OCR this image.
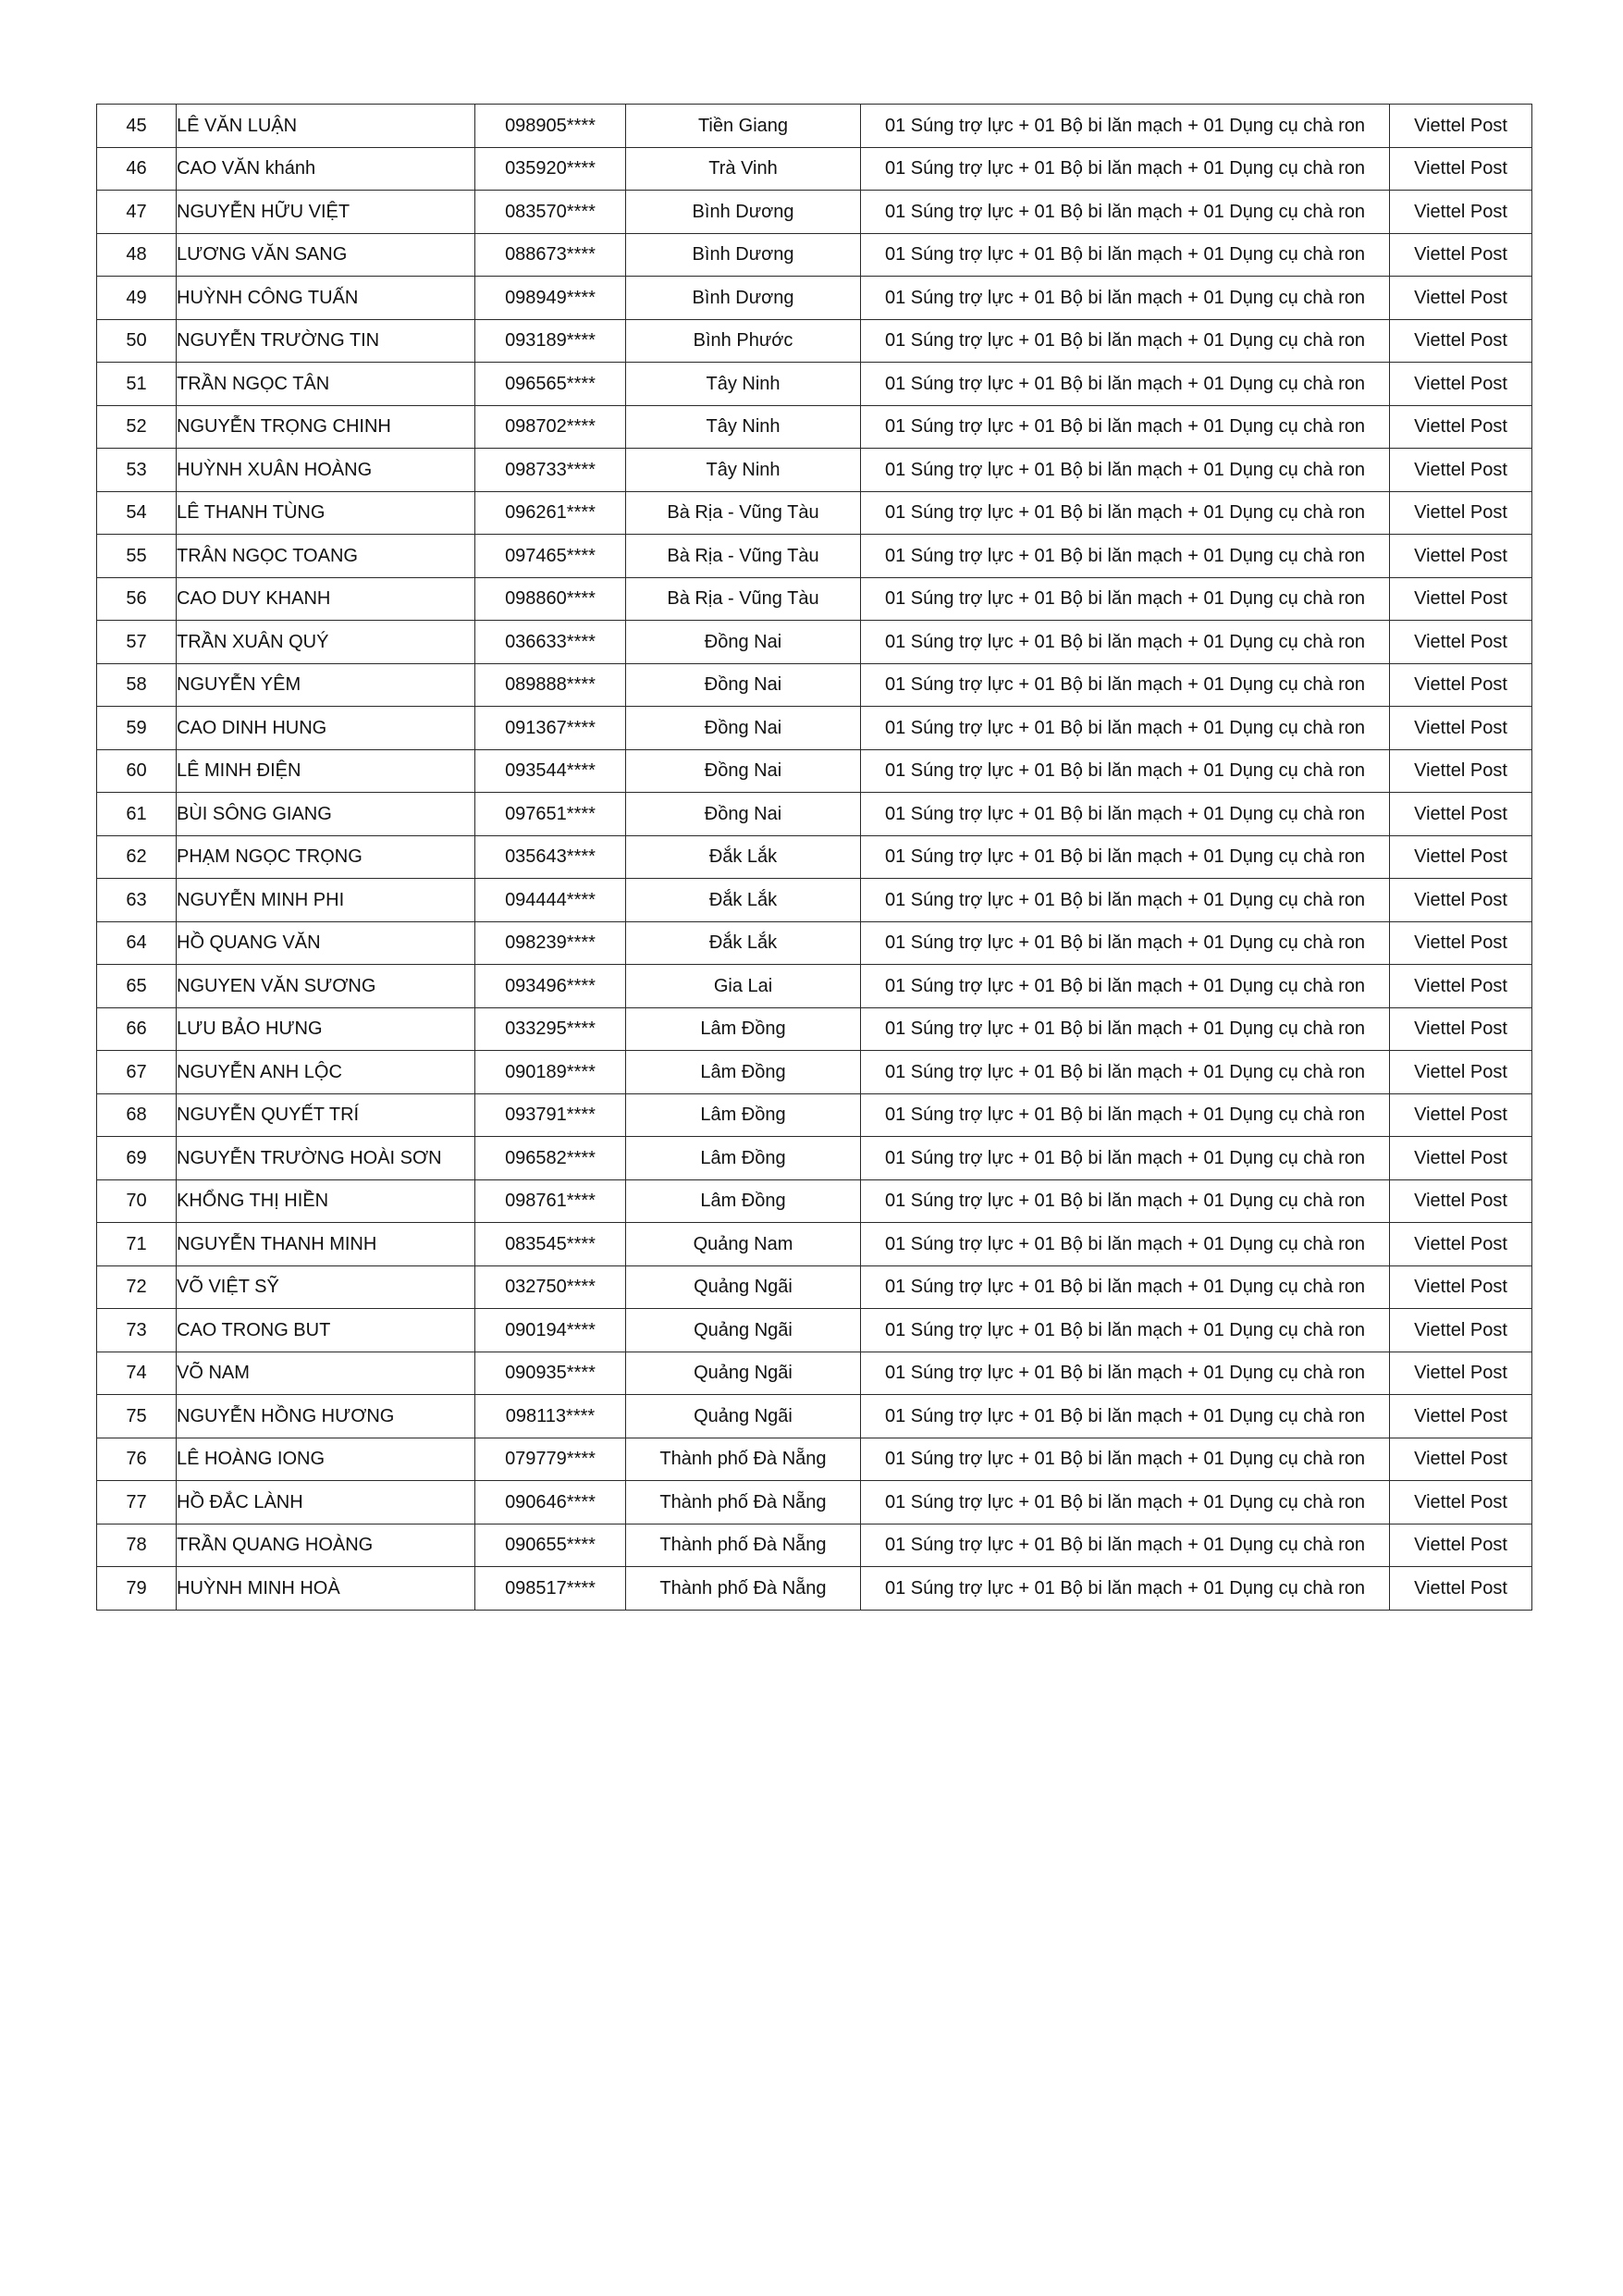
45	LÊ VĂN LUẬN	098905****	Tiền Giang	01 Súng trợ lực + 01 Bộ bi lăn mạch + 01 Dụng cụ chà ron	Viettel Post
46	CAO VĂN khánh	035920****	Trà Vinh	01 Súng trợ lực + 01 Bộ bi lăn mạch + 01 Dụng cụ chà ron	Viettel Post
47	NGUYỄN HỮU VIỆT	083570****	Bình Dương	01 Súng trợ lực + 01 Bộ bi lăn mạch + 01 Dụng cụ chà ron	Viettel Post
48	LƯƠNG VĂN SANG	088673****	Bình Dương	01 Súng trợ lực + 01 Bộ bi lăn mạch + 01 Dụng cụ chà ron	Viettel Post
49	HUỲNH CÔNG TUẤN	098949****	Bình Dương	01 Súng trợ lực + 01 Bộ bi lăn mạch + 01 Dụng cụ chà ron	Viettel Post
50	NGUYỄN TRƯỜNG TIN	093189****	Bình Phước	01 Súng trợ lực + 01 Bộ bi lăn mạch + 01 Dụng cụ chà ron	Viettel Post
51	TRẦN NGỌC TÂN	096565****	Tây Ninh	01 Súng trợ lực + 01 Bộ bi lăn mạch + 01 Dụng cụ chà ron	Viettel Post
52	NGUYỄN TRỌNG CHINH	098702****	Tây Ninh	01 Súng trợ lực + 01 Bộ bi lăn mạch + 01 Dụng cụ chà ron	Viettel Post
53	HUỲNH XUÂN HOÀNG	098733****	Tây Ninh	01 Súng trợ lực + 01 Bộ bi lăn mạch + 01 Dụng cụ chà ron	Viettel Post
54	LÊ THANH TÙNG	096261****	Bà Rịa - Vũng Tàu	01 Súng trợ lực + 01 Bộ bi lăn mạch + 01 Dụng cụ chà ron	Viettel Post
55	TRÂN NGỌC TOANG	097465****	Bà Rịa - Vũng Tàu	01 Súng trợ lực + 01 Bộ bi lăn mạch + 01 Dụng cụ chà ron	Viettel Post
56	CAO DUY KHANH	098860****	Bà Rịa - Vũng Tàu	01 Súng trợ lực + 01 Bộ bi lăn mạch + 01 Dụng cụ chà ron	Viettel Post
57	TRẦN XUÂN QUÝ	036633****	Đồng Nai	01 Súng trợ lực + 01 Bộ bi lăn mạch + 01 Dụng cụ chà ron	Viettel Post
58	NGUYỄN YÊM	089888****	Đồng Nai	01 Súng trợ lực + 01 Bộ bi lăn mạch + 01 Dụng cụ chà ron	Viettel Post
59	CAO DINH HUNG	091367****	Đồng Nai	01 Súng trợ lực + 01 Bộ bi lăn mạch + 01 Dụng cụ chà ron	Viettel Post
60	LÊ MINH ĐIỆN	093544****	Đồng Nai	01 Súng trợ lực + 01 Bộ bi lăn mạch + 01 Dụng cụ chà ron	Viettel Post
61	BÙI SÔNG GIANG	097651****	Đồng Nai	01 Súng trợ lực + 01 Bộ bi lăn mạch + 01 Dụng cụ chà ron	Viettel Post
62	PHẠM NGỌC TRỌNG	035643****	Đắk Lắk	01 Súng trợ lực + 01 Bộ bi lăn mạch + 01 Dụng cụ chà ron	Viettel Post
63	NGUYỄN MINH PHI	094444****	Đắk Lắk	01 Súng trợ lực + 01 Bộ bi lăn mạch + 01 Dụng cụ chà ron	Viettel Post
64	HỒ QUANG VĂN	098239****	Đắk Lắk	01 Súng trợ lực + 01 Bộ bi lăn mạch + 01 Dụng cụ chà ron	Viettel Post
65	NGUYEN VĂN SƯƠNG	093496****	Gia Lai	01 Súng trợ lực + 01 Bộ bi lăn mạch + 01 Dụng cụ chà ron	Viettel Post
66	LƯU BẢO HƯNG	033295****	Lâm Đồng	01 Súng trợ lực + 01 Bộ bi lăn mạch + 01 Dụng cụ chà ron	Viettel Post
67	NGUYỄN ANH LỘC	090189****	Lâm Đồng	01 Súng trợ lực + 01 Bộ bi lăn mạch + 01 Dụng cụ chà ron	Viettel Post
68	NGUYỄN QUYẾT TRÍ	093791****	Lâm Đồng	01 Súng trợ lực + 01 Bộ bi lăn mạch + 01 Dụng cụ chà ron	Viettel Post
69	NGUYỄN TRƯỜNG HOÀI SƠN	096582****	Lâm Đồng	01 Súng trợ lực + 01 Bộ bi lăn mạch + 01 Dụng cụ chà ron	Viettel Post
70	KHỔNG THỊ HIỀN	098761****	Lâm Đồng	01 Súng trợ lực + 01 Bộ bi lăn mạch + 01 Dụng cụ chà ron	Viettel Post
71	NGUYỄN THANH MINH	083545****	Quảng Nam	01 Súng trợ lực + 01 Bộ bi lăn mạch + 01 Dụng cụ chà ron	Viettel Post
72	VÕ VIỆT SỸ	032750****	Quảng Ngãi	01 Súng trợ lực + 01 Bộ bi lăn mạch + 01 Dụng cụ chà ron	Viettel Post
73	CAO TRONG BUT	090194****	Quảng Ngãi	01 Súng trợ lực + 01 Bộ bi lăn mạch + 01 Dụng cụ chà ron	Viettel Post
74	VÕ NAM	090935****	Quảng Ngãi	01 Súng trợ lực + 01 Bộ bi lăn mạch + 01 Dụng cụ chà ron	Viettel Post
75	NGUYỄN HỒNG HƯƠNG	098113****	Quảng Ngãi	01 Súng trợ lực + 01 Bộ bi lăn mạch + 01 Dụng cụ chà ron	Viettel Post
76	LÊ HOÀNG IONG	079779****	Thành phố Đà Nẵng	01 Súng trợ lực + 01 Bộ bi lăn mạch + 01 Dụng cụ chà ron	Viettel Post
77	HỒ ĐẮC LÀNH	090646****	Thành phố Đà Nẵng	01 Súng trợ lực + 01 Bộ bi lăn mạch + 01 Dụng cụ chà ron	Viettel Post
78	TRẦN QUANG HOÀNG	090655****	Thành phố Đà Nẵng	01 Súng trợ lực + 01 Bộ bi lăn mạch + 01 Dụng cụ chà ron	Viettel Post
79	HUỲNH MINH HOÀ	098517****	Thành phố Đà Nẵng	01 Súng trợ lực + 01 Bộ bi lăn mạch + 01 Dụng cụ chà ron	Viettel Post
